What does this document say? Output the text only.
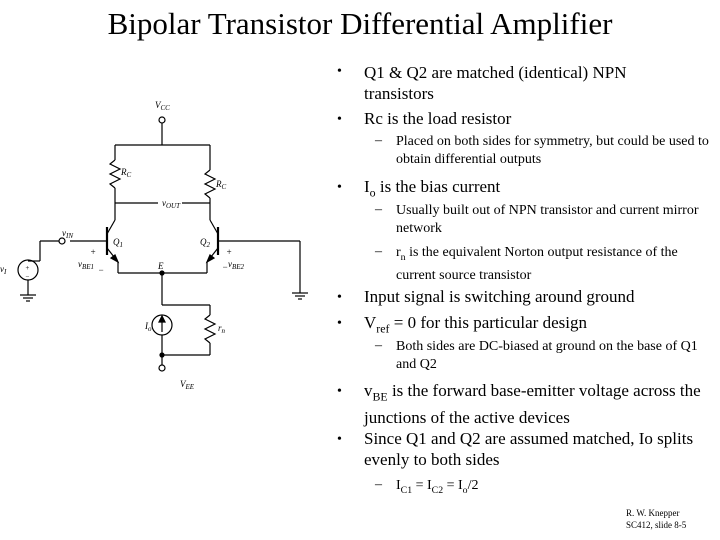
Bipolar Transistor Differential Amplifier
$V_{CC}$
$R_C$
$R_C$
$v_{OUT}$
$v_{IN}$
$Q_1$	$Q_2$
+
−
$v_{BE1}$
+
− $v_{BE2}$
E
$v_I$	+
−
$I_o$	$r_n$
$V_{EE}$
• Q1 & Q2 are matched (identical) NPN transistors
• Rc is the load resistor
– Placed on both sides for symmetry, but could be used to obtain differential outputs
• $I_o$ is the bias current
– Usually built out of NPN transistor and current mirror network
– $r_n$ is the equivalent Norton output resistance of the current source transistor
• Input signal is switching around ground
• $V_{ref} = 0$ for this particular design
– Both sides are DC-biased at ground on the base of Q1 and Q2
• $v_{BE}$ is the forward base-emitter voltage across the junctions of the active devices
• Since Q1 and Q2 are assumed matched, Io splits evenly to both sides
– $I_{C1} = I_{C2} = I_o/2$
R. W. Knepper
SC412, slide 8-5
